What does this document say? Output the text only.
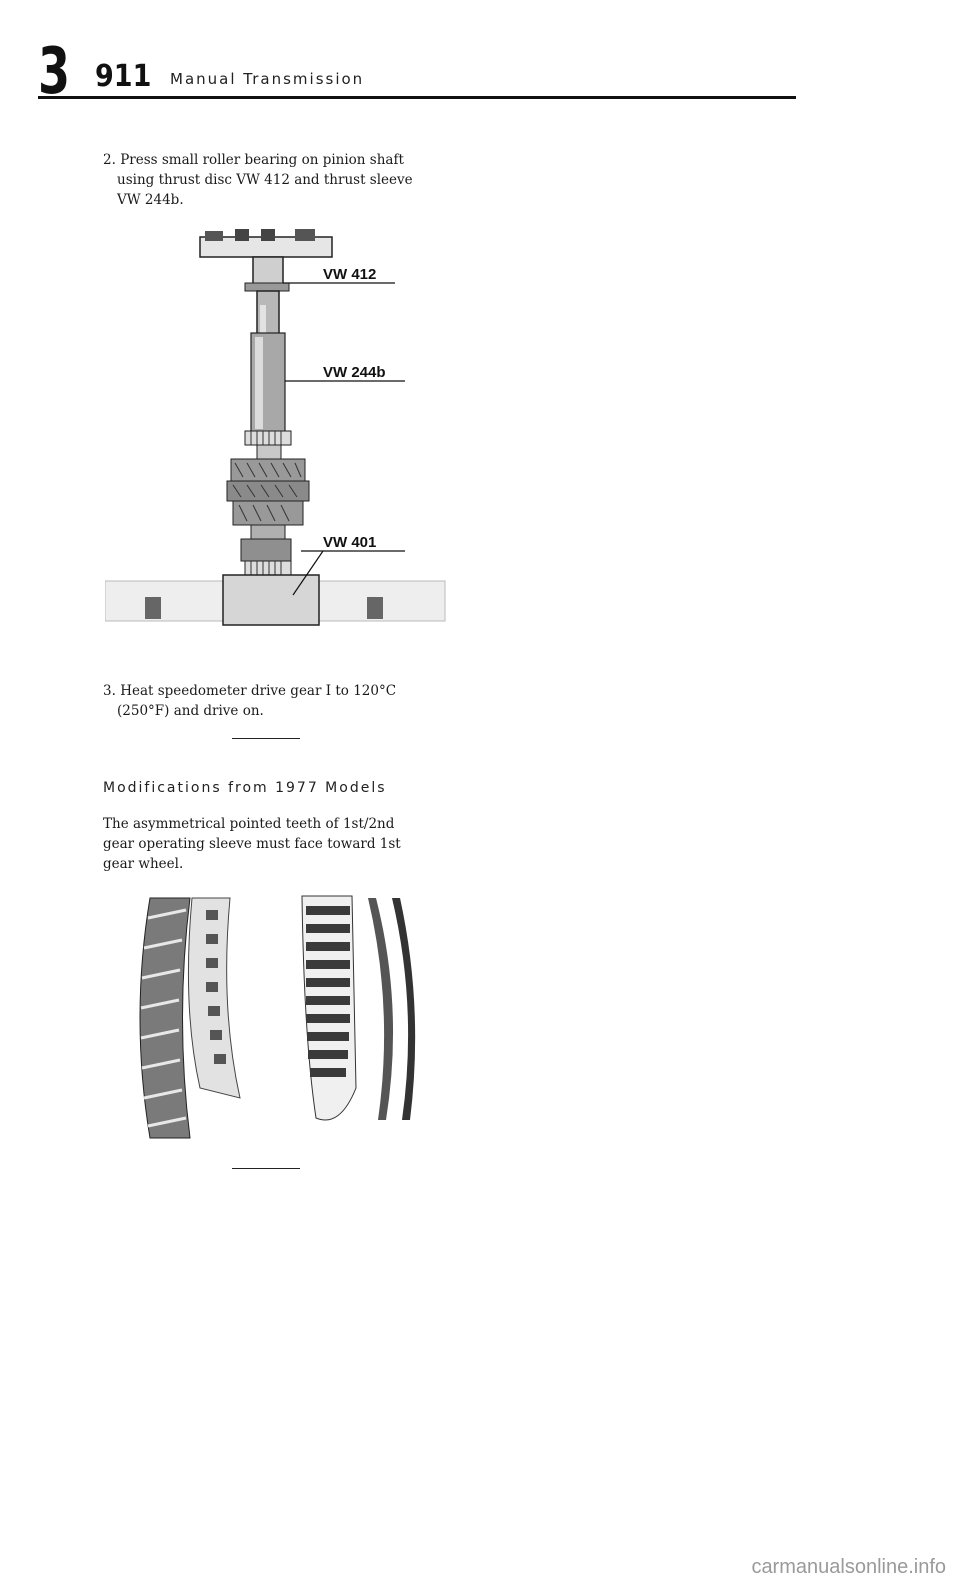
3 911 Manual Transmission
2. Press small roller bearing on pinion shaft
using thrust disc VW 412 and thrust sleeve
VW 244b.
VW 412
VW 244b
VW 401
3. Heat speedometer drive gear I to 120°C
(250°F) and drive on.
Modifications from 1977 Models
The asymmetrical pointed teeth of 1st/2nd
gear operating sleeve must face toward 1st
gear wheel.
carmanualsonline.info
